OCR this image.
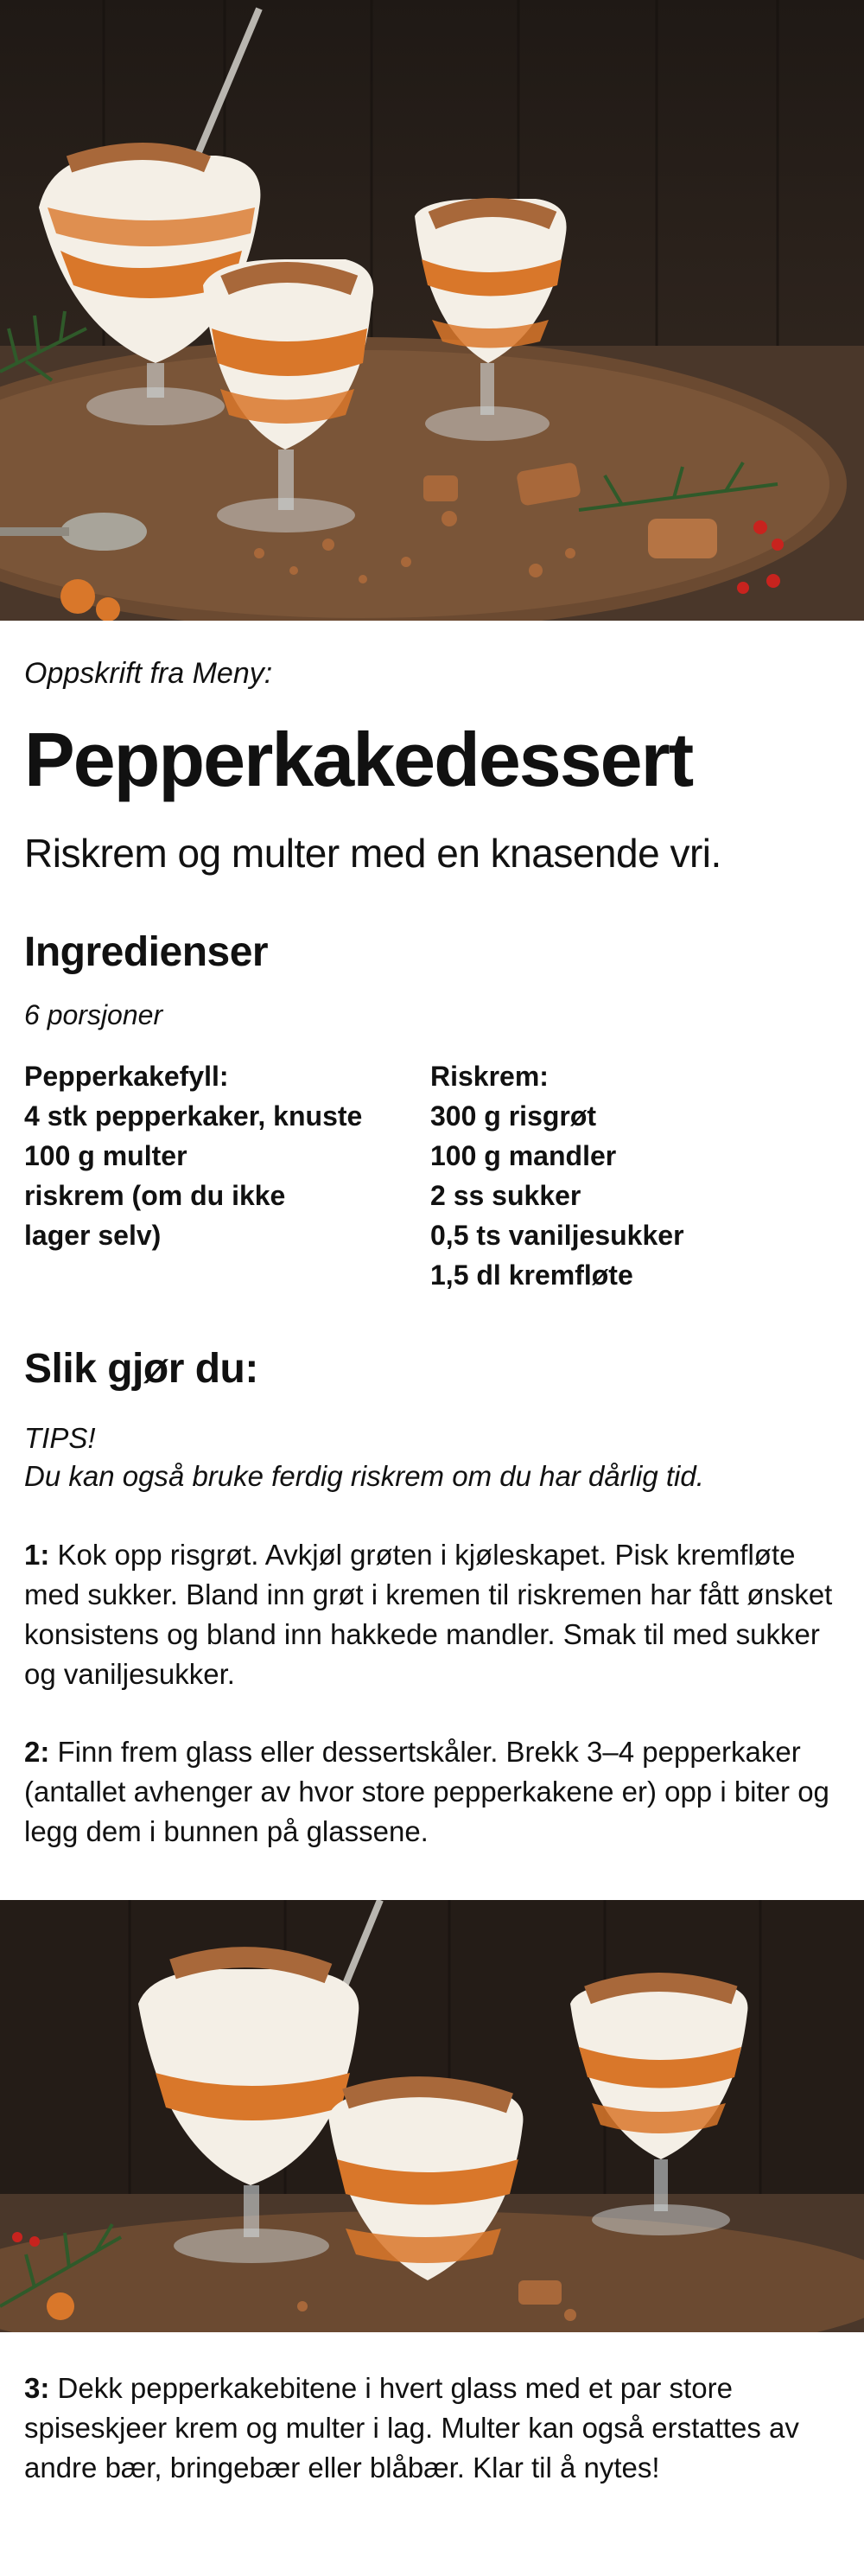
Oppskrift fra Meny:
Pepperkakedessert
Riskrem og multer med en knasende vri.
Ingredienser
6 porsjoner
Pepperkakefyll:
4 stk pepperkaker, knuste
100 g multer
riskrem (om du ikke lager selv)
Riskrem:
300 g risgrøt
100 g mandler
2 ss sukker
0,5 ts vaniljesukker
1,5 dl kremfløte
Slik gjør du:
TIPS!
Du kan også bruke ferdig riskrem om du har dårlig tid.
1: Kok opp risgrøt. Avkjøl grøten i kjøleskapet. Pisk kremfløte med sukker. Bland inn grøt i kremen til riskremen har fått ønsket konsistens og bland inn hakkede mandler. Smak til med sukker og vaniljesukker.
2: Finn frem glass eller dessertskåler. Brekk 3–4 pepperkaker (antallet avhenger av hvor store pepperkakene er) opp i biter og legg dem i bunnen på glassene.
3: Dekk pepperkakebitene i hvert glass med et par store spiseskjeer krem og multer i lag. Multer kan også erstattes av andre bær, bringebær eller blåbær. Klar til å nytes!
